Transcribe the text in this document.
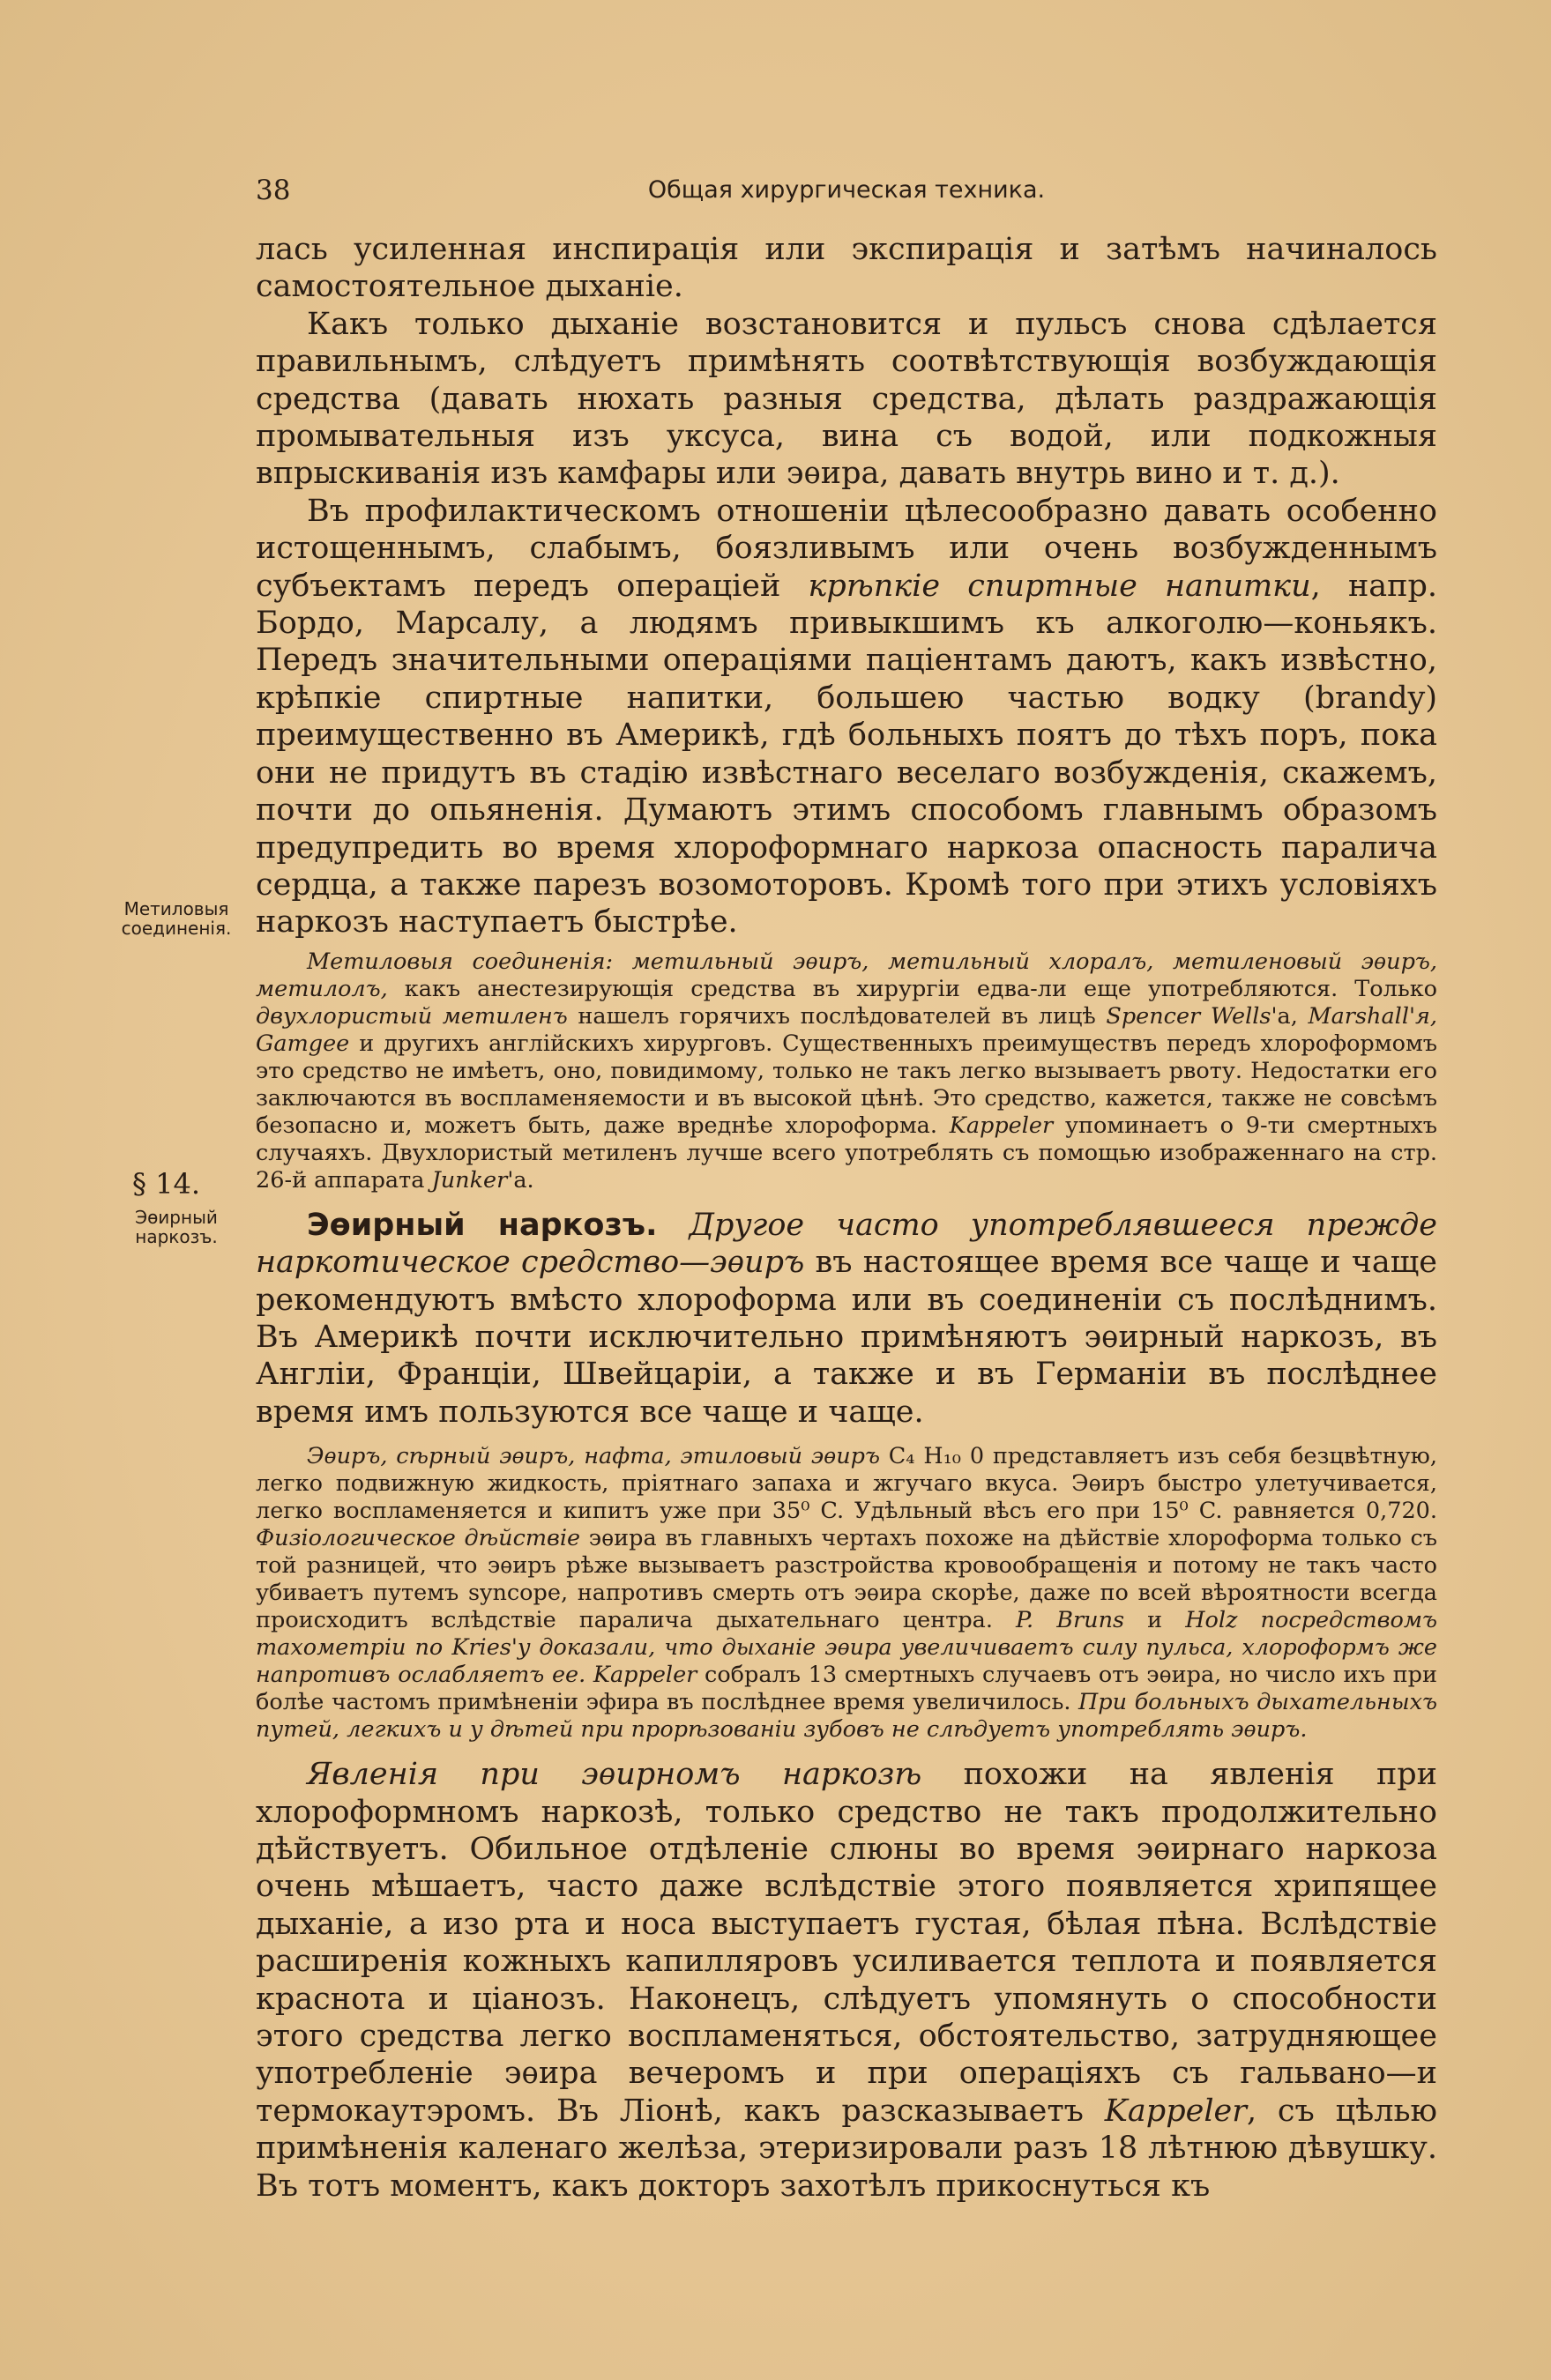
38	Общая хирургическая техника.
Метиловыя соединенія.
§ 14.
Эѳирный наркозъ.

лась усиленная инспирація или экспирація и затѣмъ начиналось самостоятельное дыханіе.

Какъ только дыханіе возстановится и пульсъ снова сдѣлается правильнымъ, слѣдуетъ примѣнять соотвѣтствующія возбуждающія средства (давать нюхать разныя средства, дѣлать раздражающія промывательныя изъ уксуса, вина съ водой, или подкожныя впрыскиванія изъ камфары или эѳира, давать внутрь вино и т. д.).

Въ профилактическомъ отношеніи цѣлесообразно давать особенно истощеннымъ, слабымъ, боязливымъ или очень возбужденнымъ субъектамъ передъ операціей крѣпкіе спиртные напитки, напр. Бордо, Марсалу, а людямъ привыкшимъ къ алкоголю—коньякъ. Передъ значительными операціями паціентамъ даютъ, какъ извѣстно, крѣпкіе спиртные напитки, большею частью водку (brandy) преимущественно въ Америкѣ, гдѣ больныхъ поятъ до тѣхъ поръ, пока они не придутъ въ стадію извѣстнаго веселаго возбужденія, скажемъ, почти до опьяненія. Думаютъ этимъ способомъ главнымъ образомъ предупредить во время хлороформнаго наркоза опасность паралича сердца, а также парезъ возомоторовъ. Кромѣ того при этихъ условіяхъ наркозъ наступаетъ быстрѣе.

Метиловыя соединенія: метильный эѳиръ, метильный хлоралъ, метиленовый эѳиръ, метилолъ, какъ анестезирующія средства въ хирургіи едва-ли еще употребляются. Только двухлористый метиленъ нашелъ горячихъ послѣдователей въ лицѣ Spencer Wells'а, Marshall'я, Gamgee и другихъ англійскихъ хирурговъ. Существенныхъ преимуществъ передъ хлороформомъ это средство не имѣетъ, оно, повидимому, только не такъ легко вызываетъ рвоту. Недостатки его заключаются въ воспламеняемости и въ высокой цѣнѣ. Это средство, кажется, также не совсѣмъ безопасно и, можетъ быть, даже вреднѣе хлороформа. Kappeler упоминаетъ о 9-ти смертныхъ случаяхъ. Двухлористый метиленъ лучше всего употреблять съ помощью изображеннаго на стр. 26-й аппарата Junker'а.

Эѳирный наркозъ. Другое часто употреблявшееся прежде наркотическое средство—эѳиръ въ настоящее время все чаще и чаще рекомендуютъ вмѣсто хлороформа или въ соединеніи съ послѣднимъ. Въ Америкѣ почти исключительно примѣняютъ эѳирный наркозъ, въ Англіи, Франціи, Швейцаріи, а также и въ Германіи въ послѣднее время имъ пользуются все чаще и чаще.

Эѳиръ, сѣрный эѳиръ, нафта, этиловый эѳиръ C₄ H₁₀ 0 представляетъ изъ себя безцвѣтную, легко подвижную жидкость, пріятнаго запаха и жгучаго вкуса. Эѳиръ быстро улетучивается, легко воспламеняется и кипитъ уже при 35⁰ C. Удѣльный вѣсъ его при 15⁰ C. равняется 0,720. Физіологическое дѣйствіе эѳира въ главныхъ чертахъ похоже на дѣйствіе хлороформа только съ той разницей, что эѳиръ рѣже вызываетъ разстройства кровообращенія и потому не такъ часто убиваетъ путемъ syncope, напротивъ смерть отъ эѳира скорѣе, даже по всей вѣроятности всегда происходитъ вслѣдствіе паралича дыхательнаго центра. P. Bruns и Holz посредствомъ тахометріи по Kries'y доказали, что дыханіе эѳира увеличиваетъ силу пульса, хлороформъ же напротивъ ослабляетъ ее. Kappeler собралъ 13 смертныхъ случаевъ отъ эѳира, но число ихъ при болѣе частомъ примѣненіи эфира въ послѣднее время увеличилось. При больныхъ дыхательныхъ путей, легкихъ и у дѣтей при прорѣзованіи зубовъ не слѣдуетъ употреблять эѳиръ.

Явленія при эѳирномъ наркозѣ похожи на явленія при хлороформномъ наркозѣ, только средство не такъ продолжительно дѣйствуетъ. Обильное отдѣленіе слюны во время эѳирнаго наркоза очень мѣшаетъ, часто даже вслѣдствіе этого появляется хрипящее дыханіе, а изо рта и носа выступаетъ густая, бѣлая пѣна. Вслѣдствіе расширенія кожныхъ капилляровъ усиливается теплота и появляется краснота и ціанозъ. Наконецъ, слѣдуетъ упомянуть о способности этого средства легко воспламеняться, обстоятельство, затрудняющее употребленіе эѳира вечеромъ и при операціяхъ съ гальвано—и термокаутэромъ. Въ Ліонѣ, какъ разсказываетъ Kappeler, съ цѣлью примѣненія каленаго желѣза, этеризировали разъ 18 лѣтнюю дѣвушку. Въ тотъ моментъ, какъ докторъ захотѣлъ прикоснуться къ
